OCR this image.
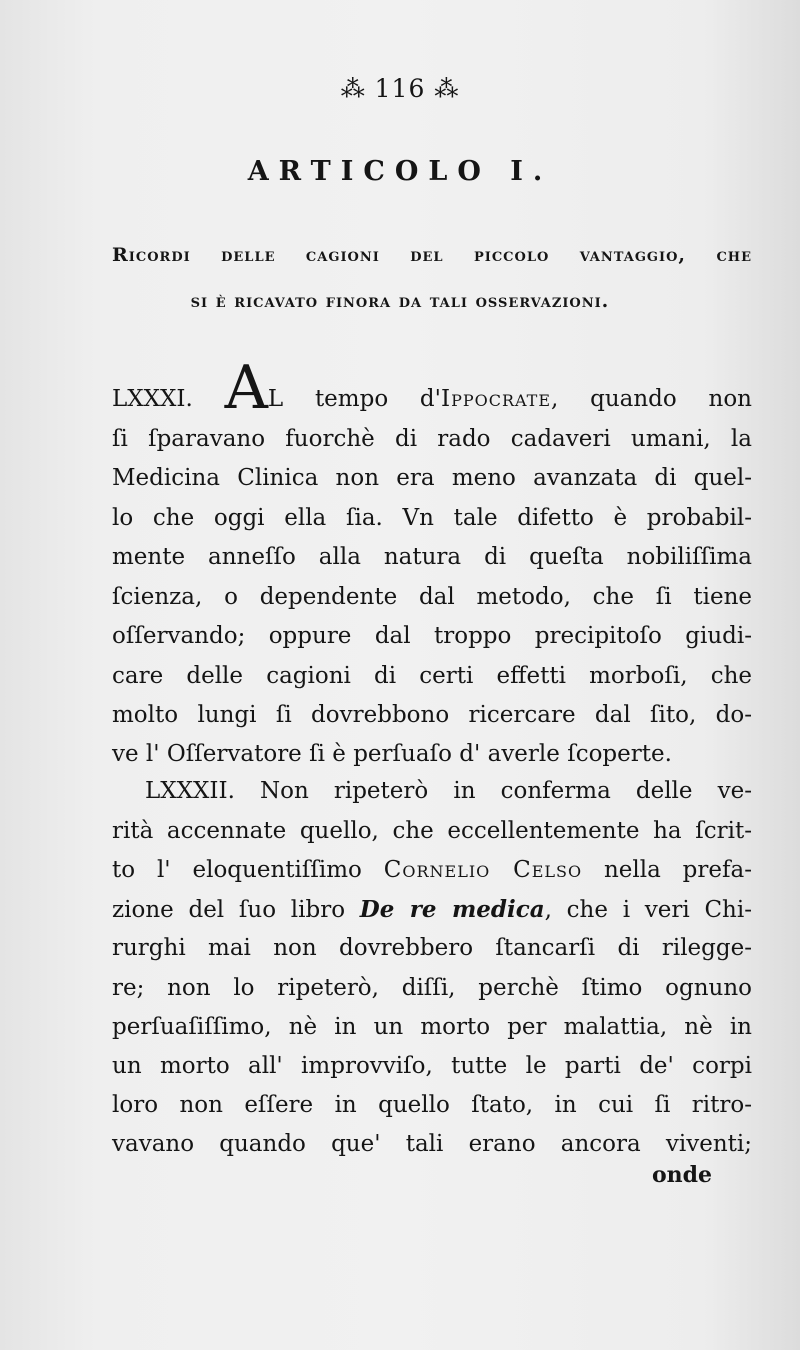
⁂ 116 ⁂
ARTICOLO I.
Ricordi delle cagioni del piccolo vantaggio, che
si è ricavato finora da tali osservazioni.
LXXXI. AL tempo d'Ippocrate, quando non
ſi ſparavano fuorchè di rado cadaveri umani, la
Medicina Clinica non era meno avanzata di quel-
lo che oggi ella ſia. Vn tale difetto è probabil-
mente anneſſo alla natura di queſta nobiliſſima
ſcienza, o dependente dal metodo, che ſi tiene
oſſervando; oppure dal troppo precipitoſo giudi-
care delle cagioni di certi effetti morboſi, che
molto lungi ſi dovrebbono ricercare dal ſito, do-
ve l' Oſſervatore ſi è perſuaſo d' averle ſcoperte.
LXXXII. Non ripeterò in conferma delle ve-
rità accennate quello, che eccellentemente ha ſcrit-
to l' eloquentiſſimo Cornelio Celso nella prefa-
zione del ſuo libro De re medica, che i veri Chi-
rurghi mai non dovrebbero ſtancarſi di rilegge-
re; non lo ripeterò, diſſi, perchè ſtimo ognuno
perſuaſiſſimo, nè in un morto per malattia, nè in
un morto all' improvviſo, tutte le parti de' corpi
loro non eſſere in quello ſtato, in cui ſi ritro-
vavano quando que' tali erano ancora viventi;
onde
